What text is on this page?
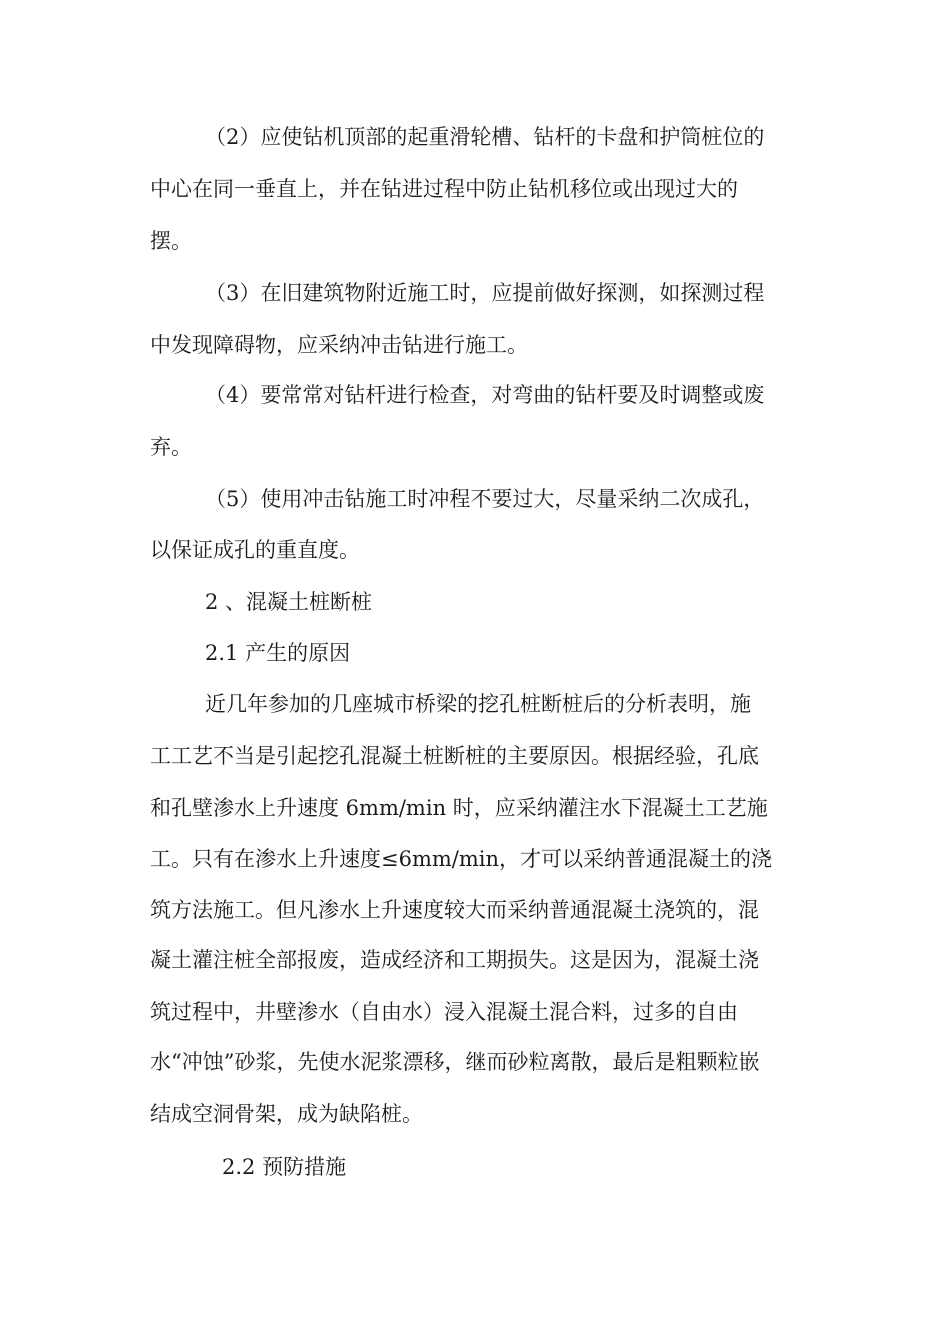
（2）应使钻机顶部的起重滑轮槽、钻杆的卡盘和护筒桩位的
中心在同一垂直上，并在钻进过程中防止钻机移位或出现过大的
摆。
（3）在旧建筑物附近施工时，应提前做好探测，如探测过程
中发现障碍物，应采纳冲击钻进行施工。
（4）要常常对钻杆进行检查，对弯曲的钻杆要及时调整或废
弃。
（5）使用冲击钻施工时冲程不要过大，尽量采纳二次成孔，
以保证成孔的重直度。
2 、混凝土桩断桩
2.1 产生的原因
近几年参加的几座城市桥梁的挖孔桩断桩后的分析表明，施
工工艺不当是引起挖孔混凝土桩断桩的主要原因。根据经验，孔底
和孔壁渗水上升速度 6mm/min 时，应采纳灌注水下混凝土工艺施
工。只有在渗水上升速度≤6mm/min，才可以采纳普通混凝土的浇
筑方法施工。但凡渗水上升速度较大而采纳普通混凝土浇筑的，混
凝土灌注桩全部报废，造成经济和工期损失。这是因为，混凝土浇
筑过程中，井壁渗水（自由水）浸入混凝土混合料，过多的自由
水“冲蚀”砂浆，先使水泥浆漂移，继而砂粒离散，最后是粗颗粒嵌
结成空洞骨架，成为缺陷桩。
2.2 预防措施
